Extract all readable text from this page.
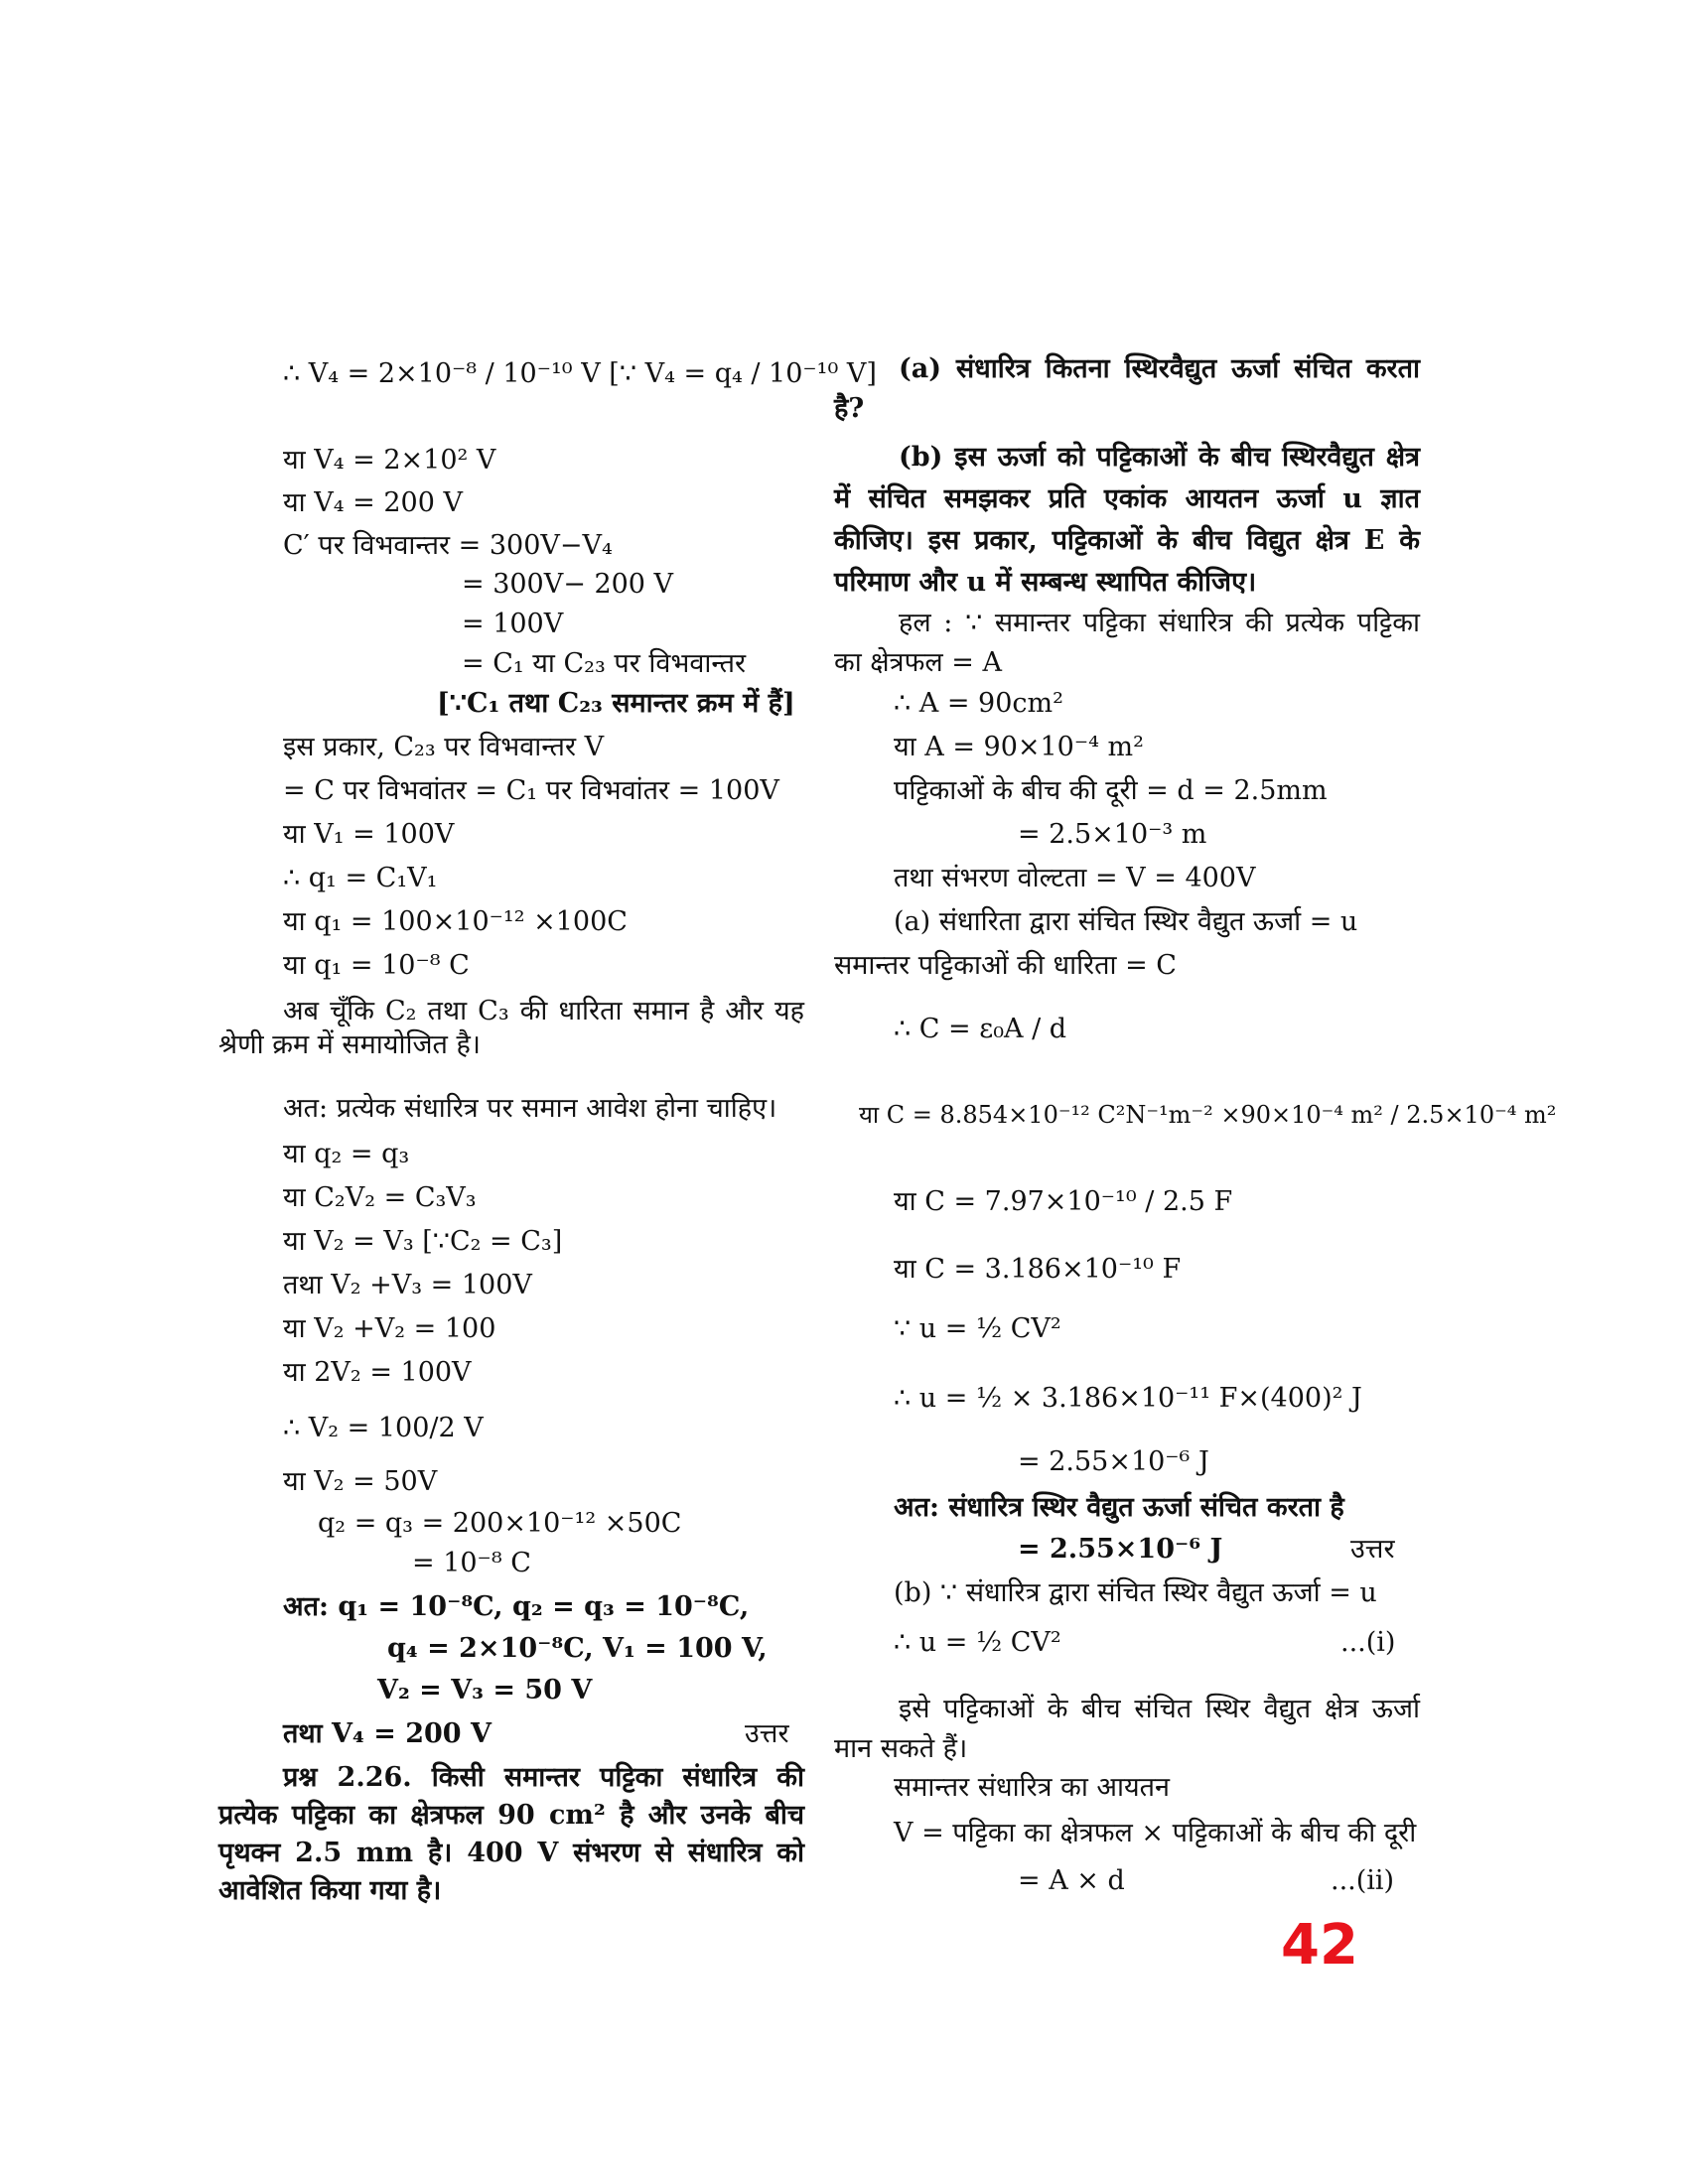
∴ V₄ = 2×10⁻⁸ / 10⁻¹⁰ V [∵ V₄ = q₄ / 10⁻¹⁰ V]
या V₄ = 2×10² V
या V₄ = 200 V
C′ पर विभवान्तर = 300V−V₄
= 300V− 200 V
= 100V
= C₁ या C₂₃ पर विभवान्तर
[∵C₁ तथा C₂₃ समान्तर क्रम में हैं]
इस प्रकार, C₂₃ पर विभवान्तर V
= C पर विभवांतर = C₁ पर विभवांतर = 100V
या V₁ = 100V
∴ q₁ = C₁V₁
या q₁ = 100×10⁻¹² ×100C
या q₁ = 10⁻⁸ C
अब चूँकि C₂ तथा C₃ की धारिता समान है और यह श्रेणी क्रम में समायोजित है।
अत: प्रत्येक संधारित्र पर समान आवेश होना चाहिए।
या q₂ = q₃
या C₂V₂ = C₃V₃
या V₂ = V₃ [∵C₂ = C₃]
तथा V₂ +V₃ = 100V
या V₂ +V₂ = 100
या 2V₂ = 100V
∴ V₂ = 100/2 V
या V₂ = 50V
q₂ = q₃ = 200×10⁻¹² ×50C
= 10⁻⁸ C
अत: q₁ = 10⁻⁸C, q₂ = q₃ = 10⁻⁸C,
q₄ = 2×10⁻⁸C, V₁ = 100 V,
V₂ = V₃ = 50 V
तथा V₄ = 200 V	उत्तर
प्रश्न 2.26. किसी समान्तर पट्टिका संधारित्र की प्रत्येक पट्टिका का क्षेत्रफल 90 cm² है और उनके बीच पृथक्न 2.5 mm है। 400 V संभरण से संधारित्र को आवेशित किया गया है।
(a) संधारित्र कितना स्थिरवैद्युत ऊर्जा संचित करता है?
(b) इस ऊर्जा को पट्टिकाओं के बीच स्थिरवैद्युत क्षेत्र में संचित समझकर प्रति एकांक आयतन ऊर्जा u ज्ञात कीजिए। इस प्रकार, पट्टिकाओं के बीच विद्युत क्षेत्र E के परिमाण और u में सम्बन्ध स्थापित कीजिए।
हल : ∵ समान्तर पट्टिका संधारित्र की प्रत्येक पट्टिका का क्षेत्रफल = A
∴ A = 90cm²
या A = 90×10⁻⁴ m²
पट्टिकाओं के बीच की दूरी = d = 2.5mm
= 2.5×10⁻³ m
तथा संभरण वोल्टता = V = 400V
(a) संधारिता द्वारा संचित स्थिर वैद्युत ऊर्जा = u
समान्तर पट्टिकाओं की धारिता = C
∴ C = ε₀A / d
या C = 8.854×10⁻¹² C²N⁻¹m⁻² ×90×10⁻⁴ m² / 2.5×10⁻⁴ m²
या C = 7.97×10⁻¹⁰ / 2.5 F
या C = 3.186×10⁻¹⁰ F
∵ u = ½ CV²
∴ u = ½ × 3.186×10⁻¹¹ F×(400)² J
= 2.55×10⁻⁶ J
अत: संधारित्र स्थिर वैद्युत ऊर्जा संचित करता है
= 2.55×10⁻⁶ J	उत्तर
(b) ∵ संधारित्र द्वारा संचित स्थिर वैद्युत ऊर्जा = u
∴ u = ½ CV²	...(i)
इसे पट्टिकाओं के बीच संचित स्थिर वैद्युत क्षेत्र ऊर्जा मान सकते हैं।
समान्तर संधारित्र का आयतन
V = पट्टिका का क्षेत्रफल × पट्टिकाओं के बीच की दूरी
= A × d	...(ii)
42
